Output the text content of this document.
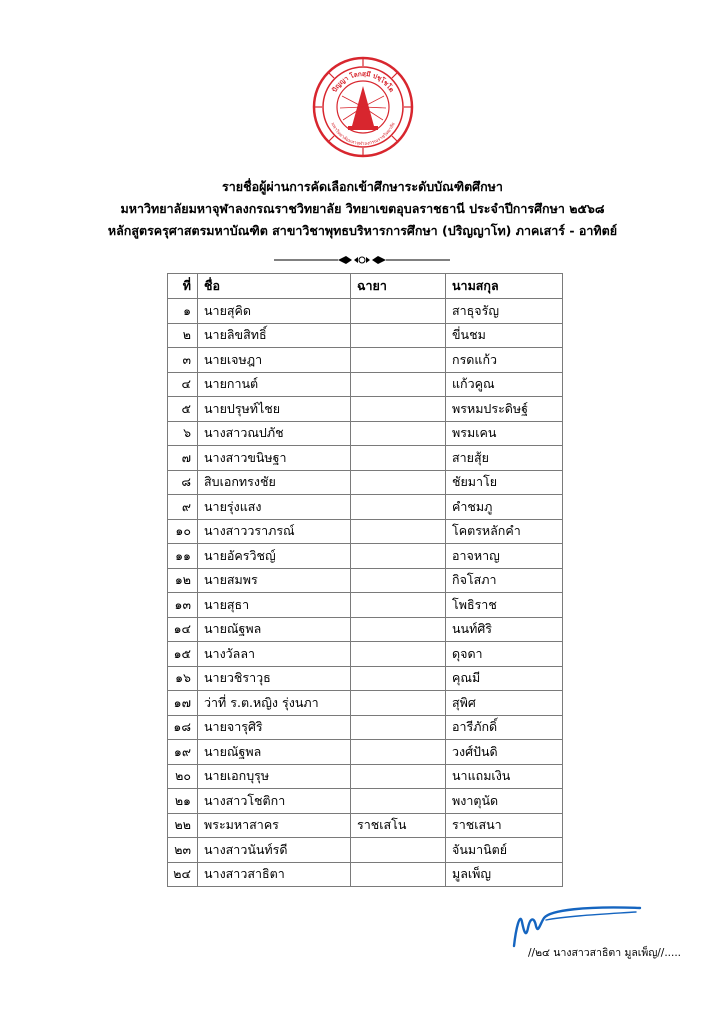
ปัญญา โลกสฺมึ ปชฺโชโต
มหาวิทยาลัยมหาจุฬาลงกรณราชวิทยาลัย
รายชื่อผู้ผ่านการคัดเลือกเข้าศึกษาระดับบัณฑิตศึกษา
มหาวิทยาลัยมหาจุฬาลงกรณราชวิทยาลัย วิทยาเขตอุบลราชธานี ประจำปีการศึกษา ๒๕๖๘
หลักสูตรครุศาสตรมหาบัณฑิต สาขาวิชาพุทธบริหารการศึกษา (ปริญญาโท) ภาคเสาร์ - อาทิตย์
ที่	ชื่อ	ฉายา	นามสกุล
๑	นายสุคิด		สาธุจรัญ
๒	นายลิขสิทธิ์		ขี่นชม
๓	นายเจษฎา		กรดแก้ว
๔	นายกานต์		แก้วคูณ
๕	นายปรุษท์ไชย		พรหมประดิษฐ์
๖	นางสาวณปภัช		พรมเคน
๗	นางสาวขนิษฐา		สายสุ้ย
๘	สิบเอกทรงชัย		ชัยมาโย
๙	นายรุ่งแสง		คำชมภู
๑๐	นางสาววราภรณ์		โคตรหลักคำ
๑๑	นายอัครวิชญ์		อาจหาญ
๑๒	นายสมพร		กิจโสภา
๑๓	นายสุธา		โพธิราช
๑๔	นายณัฐพล		นนท์ศิริ
๑๕	นางวัลลา		ดุจดา
๑๖	นายวชิราวุธ		คุณมี
๑๗	ว่าที่ ร.ต.หญิง รุ่งนภา		สุพิศ
๑๘	นายจารุศิริ		อารีภักดิ์
๑๙	นายณัฐพล		วงศ์ปันดิ
๒๐	นายเอกบุรุษ		นาแถมเงิน
๒๑	นางสาวโชติกา		พงาตุนัด
๒๒	พระมหาสาคร	ราชเสโน	ราชเสนา
๒๓	นางสาวนันท์รดี		จันมานิตย์
๒๔	นางสาวสาธิตา		มูลเพ็ญ
//๒๔ นางสาวสาธิตา มูลเพ็ญ//.....
